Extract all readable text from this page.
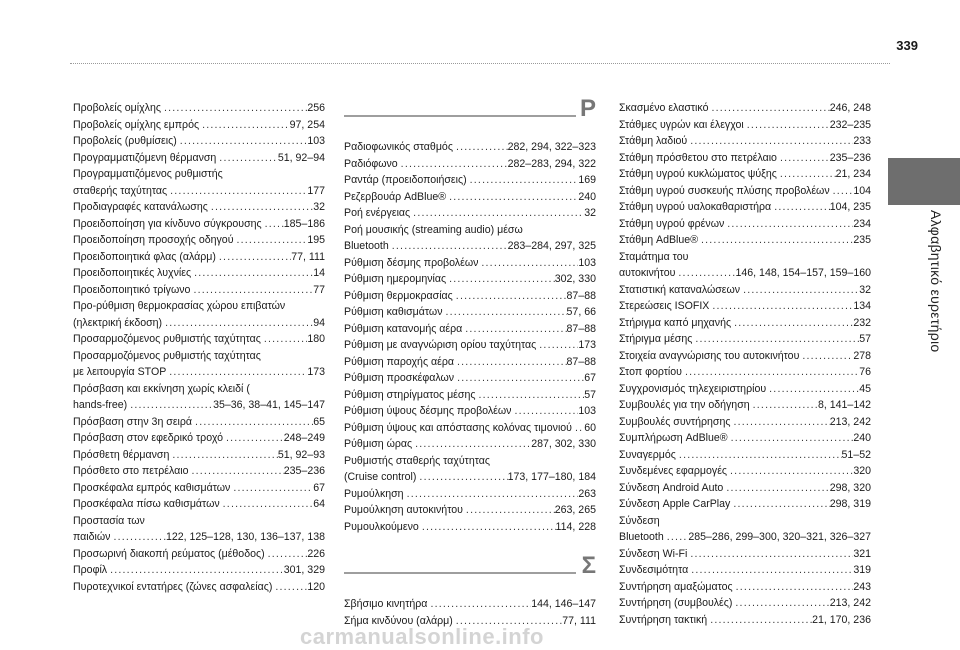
339
Προβολείς ομίχλης .....	256
Προβολείς ομίχλης εμπρός .....	97, 254
Προβολείς (ρυθμίσεις) .....	103
Προγραμματιζόμενη θέρμανση .....	51, 92–94
Προγραμματιζόμενος ρυθμιστής
σταθερής ταχύτητας .....	177
Προδιαγραφές κατανάλωσης .....	32
Προειδοποίηση για κίνδυνο σύγκρουσης ..... 185–186
Προειδοποίηση προσοχής οδηγού .....	195
Προειδοποιητικά φλας (αλάρμ) .....	77, 111
Προειδοποιητικές λυχνίες .....	14
Προειδοποιητικό τρίγωνο .....	77
Προ-ρύθμιση θερμοκρασίας χώρου επιβατών
(ηλεκτρική έκδοση) .....	94
Προσαρμοζόμενος ρυθμιστής ταχύτητας .....	180
Προσαρμοζόμενος ρυθμιστής ταχύτητας
με λειτουργία STOP .....	173
Πρόσβαση και εκκίνηση χωρίς κλειδί (
hands-free) .....	35–36, 38–41, 145–147
Πρόσβαση στην 3η σειρά .....	65
Πρόσβαση στον εφεδρικό τροχό .....	248–249
Πρόσθετη θέρμανση .....	51, 92–93
Πρόσθετο στο πετρέλαιο .....	235–236
Προσκέφαλα εμπρός καθισμάτων .....	67
Προσκέφαλα πίσω καθισμάτων .....	64
Προστασία των
παιδιών .....	122, 125–128, 130, 136–137, 138
Προσωρινή διακοπή ρεύματος (μέθοδος) .....	226
Προφίλ .....	301, 329
Πυροτεχνικοί εντατήρες (ζώνες ασφαλείας) .....	120
Ρ
Ραδιοφωνικός σταθμός .....	282, 294, 322–323
Ραδιόφωνο .....	282–283, 294, 322
Ραντάρ (προειδοποιήσεις) .....	169
Ρεζερβουάρ AdBlue® .....	240
Ροή ενέργειας .....	32
Ροή μουσικής (streaming audio) μέσω
Bluetooth .....	283–284, 297, 325
Ρύθμιση δέσμης προβολέων .....	103
Ρύθμιση ημερομηνίας .....	302, 330
Ρύθμιση θερμοκρασίας .....	87–88
Ρύθμιση καθισμάτων .....	57, 66
Ρύθμιση κατανομής αέρα .....	87–88
Ρύθμιση με αναγνώριση ορίου ταχύτητας .....	173
Ρύθμιση παροχής αέρα .....	87–88
Ρύθμιση προσκέφαλων .....	67
Ρύθμιση στηρίγματος μέσης .....	57
Ρύθμιση ύψους δέσμης προβολέων .....	103
Ρύθμιση ύψους και απόστασης κολόνας τιμονιού ..... 60
Ρύθμιση ώρας .....	287, 302, 330
Ρυθμιστής σταθερής ταχύτητας
(Cruise control) .....	173, 177–180, 184
Ρυμούλκηση .....	263
Ρυμούλκηση αυτοκινήτου .....	263, 265
Ρυμουλκούμενο .....	114, 228
Σ
Σβήσιμο κινητήρα .....	144, 146–147
Σήμα κινδύνου (αλάρμ) .....	77, 111
Σκασμένο ελαστικό .....	246, 248
Στάθμες υγρών και έλεγχοι .....	232–235
Στάθμη λαδιού .....	233
Στάθμη πρόσθετου στο πετρέλαιο .....	235–236
Στάθμη υγρού κυκλώματος ψύξης .....	21, 234
Στάθμη υγρού συσκευής πλύσης προβολέων ..... 104
Στάθμη υγρού υαλοκαθαριστήρα .....	104, 235
Στάθμη υγρού φρένων .....	234
Στάθμη AdBlue® .....	235
Σταμάτημα του
αυτοκινήτου .....	146, 148, 154–157, 159–160
Στατιστική καταναλώσεων .....	32
Στερεώσεις ISOFIX .....	134
Στήριγμα καπό μηχανής .....	232
Στήριγμα μέσης .....	57
Στοιχεία αναγνώρισης του αυτοκινήτου .....	278
Στοπ φορτίου .....	76
Συγχρονισμός τηλεχειριστηρίου .....	45
Συμβουλές για την οδήγηση .....	8, 141–142
Συμβουλές συντήρησης .....	213, 242
Συμπλήρωση AdBlue® .....	240
Συναγερμός .....	51–52
Συνδεμένες εφαρμογές .....	320
Σύνδεση Android Auto .....	298, 320
Σύνδεση Apple CarPlay .....	298, 319
Σύνδεση
Bluetooth ..... 285–286, 299–300, 320–321, 326–327
Σύνδεση Wi-Fi .....	321
Συνδεσιμότητα .....	319
Συντήρηση αμαξώματος .....	243
Συντήρηση (συμβουλές) .....	213, 242
Συντήρηση τακτική .....	21, 170, 236
Αλφαβητικό ευρετήριο
carmanualsonline.info
